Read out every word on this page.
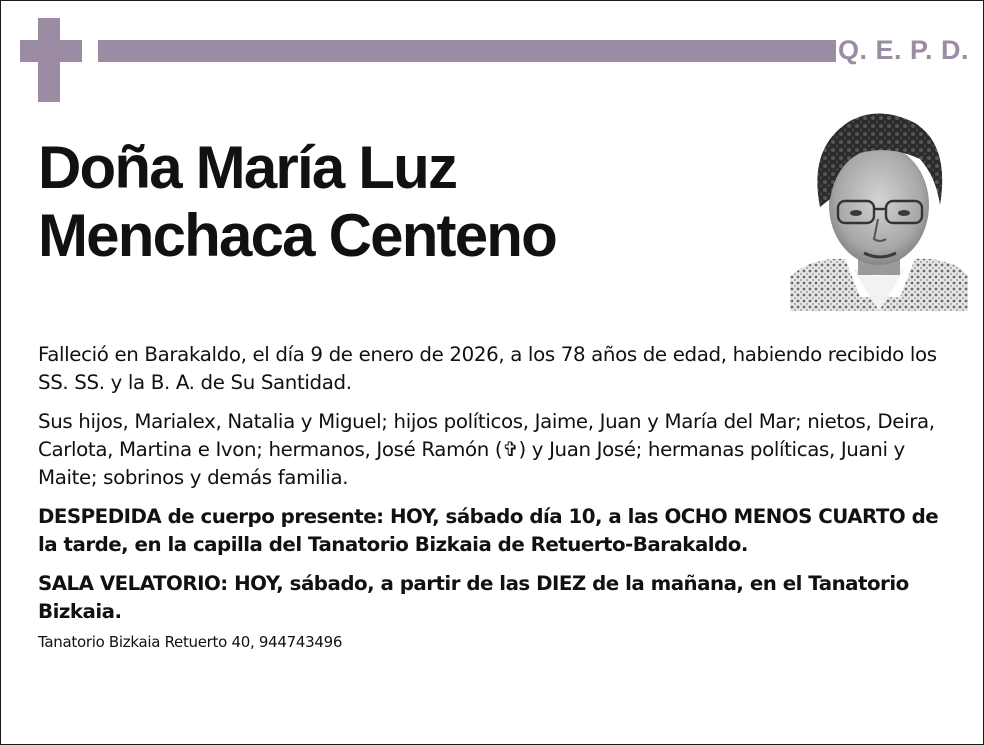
Q. E. P. D.
Doña María Luz
Menchaca Centeno

Falleció en Barakaldo, el día 9 de enero de 2026, a los 78 años de edad, habiendo recibido los SS. SS. y la B. A. de Su Santidad.

Sus hijos, Marialex, Natalia y Miguel; hijos políticos, Jaime, Juan y María del Mar; nietos, Deira, Carlota, Martina e Ivon; hermanos, José Ramón (✞) y Juan José; hermanas políticas, Juani y Maite; sobrinos y demás familia.

DESPEDIDA de cuerpo presente: HOY, sábado día 10, a las OCHO MENOS CUARTO de la tarde, en la capilla del Tanatorio Bizkaia de Retuerto-Barakaldo.

SALA VELATORIO: HOY, sábado, a partir de las DIEZ de la mañana, en el Tanatorio Bizkaia.

Tanatorio Bizkaia Retuerto 40, 944743496
